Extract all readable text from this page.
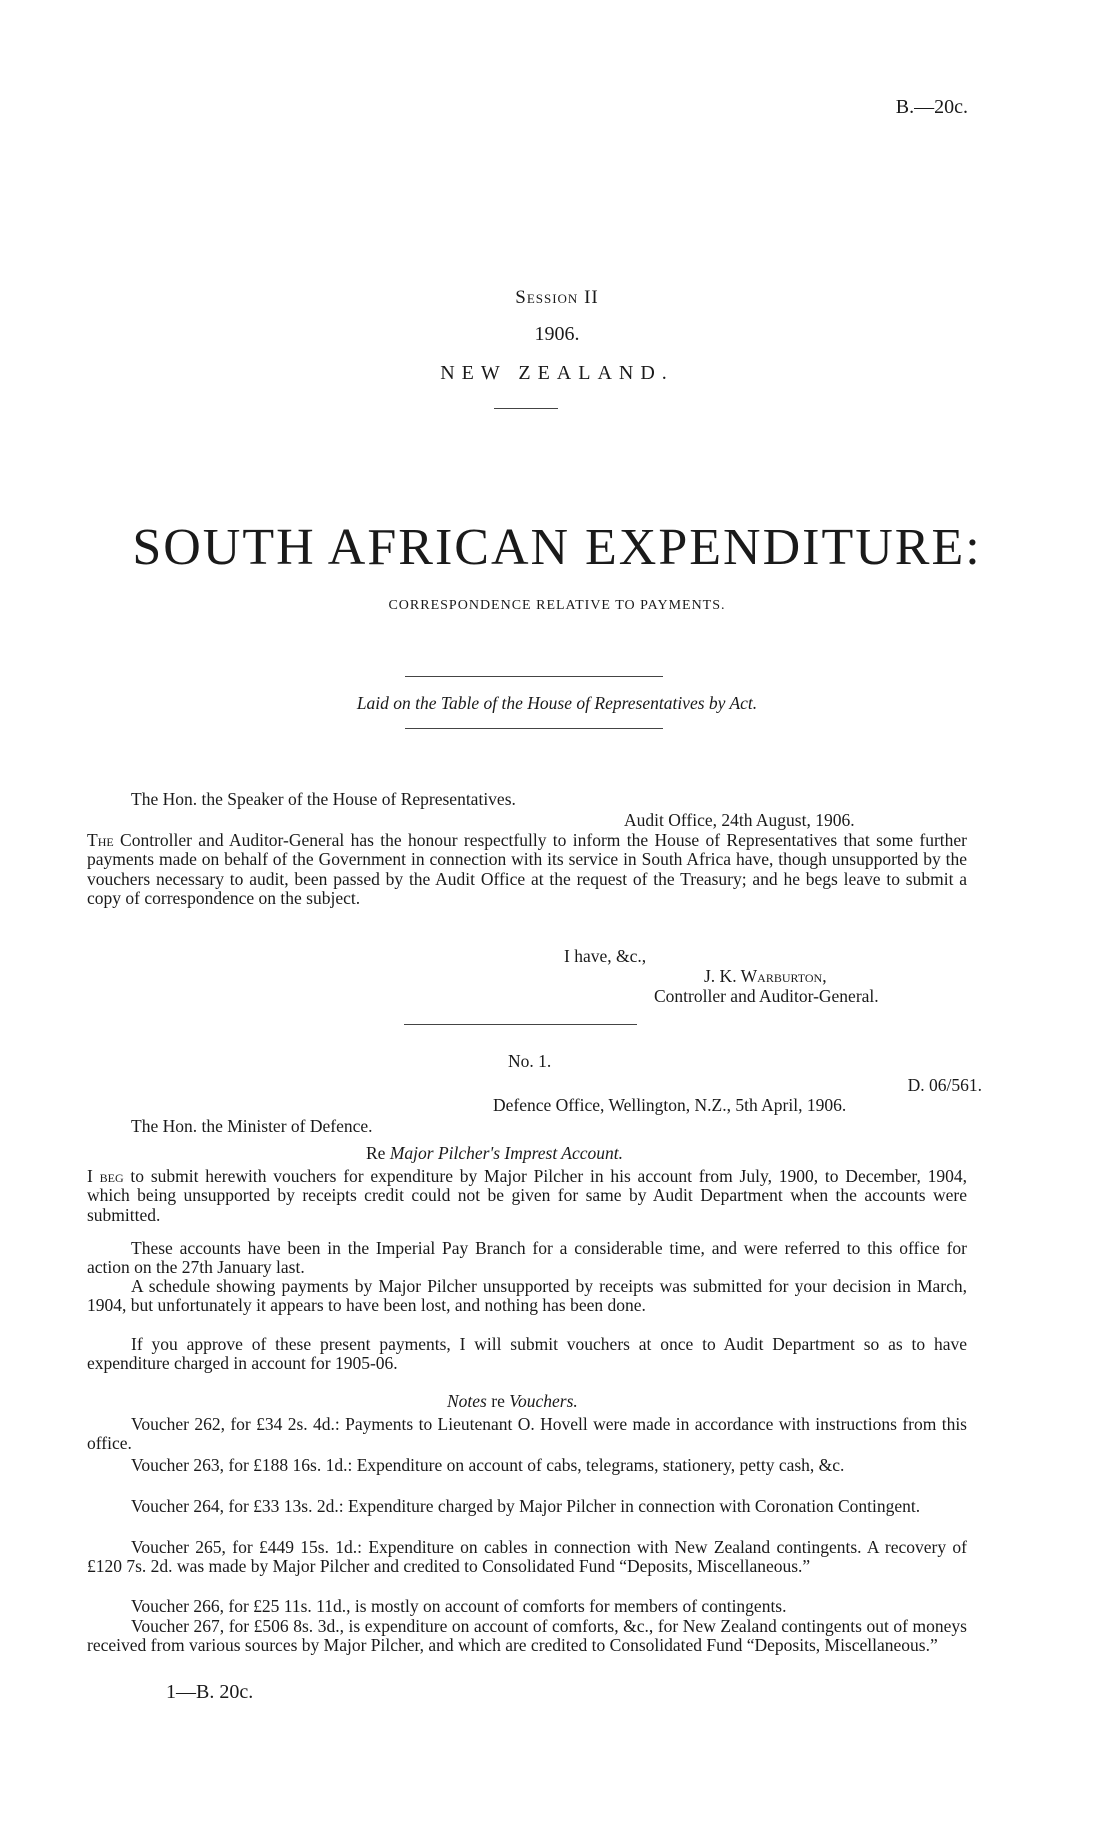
B.—20c.
Session II
1906.
NEW ZEALAND.
SOUTH AFRICAN EXPENDITURE:
CORRESPONDENCE RELATIVE TO PAYMENTS.
Laid on the Table of the House of Representatives by Act.
The Hon. the Speaker of the House of Representatives.
Audit Office, 24th August, 1906.
The Controller and Auditor-General has the honour respectfully to inform the House of Representatives that some further payments made on behalf of the Government in connection with its service in South Africa have, though unsupported by the vouchers necessary to audit, been passed by the Audit Office at the request of the Treasury; and he begs leave to submit a copy of correspondence on the subject.
I have, &c.,
J. K. Warburton,
Controller and Auditor-General.
No. 1.
D. 06/561.
Defence Office, Wellington, N.Z., 5th April, 1906.
The Hon. the Minister of Defence.
Re Major Pilcher's Imprest Account.
I beg to submit herewith vouchers for expenditure by Major Pilcher in his account from July, 1900, to December, 1904, which being unsupported by receipts credit could not be given for same by Audit Department when the accounts were submitted.
These accounts have been in the Imperial Pay Branch for a considerable time, and were referred to this office for action on the 27th January last.
A schedule showing payments by Major Pilcher unsupported by receipts was submitted for your decision in March, 1904, but unfortunately it appears to have been lost, and nothing has been done.
If you approve of these present payments, I will submit vouchers at once to Audit Department so as to have expenditure charged in account for 1905-06.
Notes re Vouchers.
Voucher 262, for £34 2s. 4d.: Payments to Lieutenant O. Hovell were made in accordance with instructions from this office.
Voucher 263, for £188 16s. 1d.: Expenditure on account of cabs, telegrams, stationery, petty cash, &c.
Voucher 264, for £33 13s. 2d.: Expenditure charged by Major Pilcher in connection with Coronation Contingent.
Voucher 265, for £449 15s. 1d.: Expenditure on cables in connection with New Zealand contingents. A recovery of £120 7s. 2d. was made by Major Pilcher and credited to Consolidated Fund “Deposits, Miscellaneous.”
Voucher 266, for £25 11s. 11d., is mostly on account of comforts for members of contingents.
Voucher 267, for £506 8s. 3d., is expenditure on account of comforts, &c., for New Zealand contingents out of moneys received from various sources by Major Pilcher, and which are credited to Consolidated Fund “Deposits, Miscellaneous.”
1—B. 20c.
